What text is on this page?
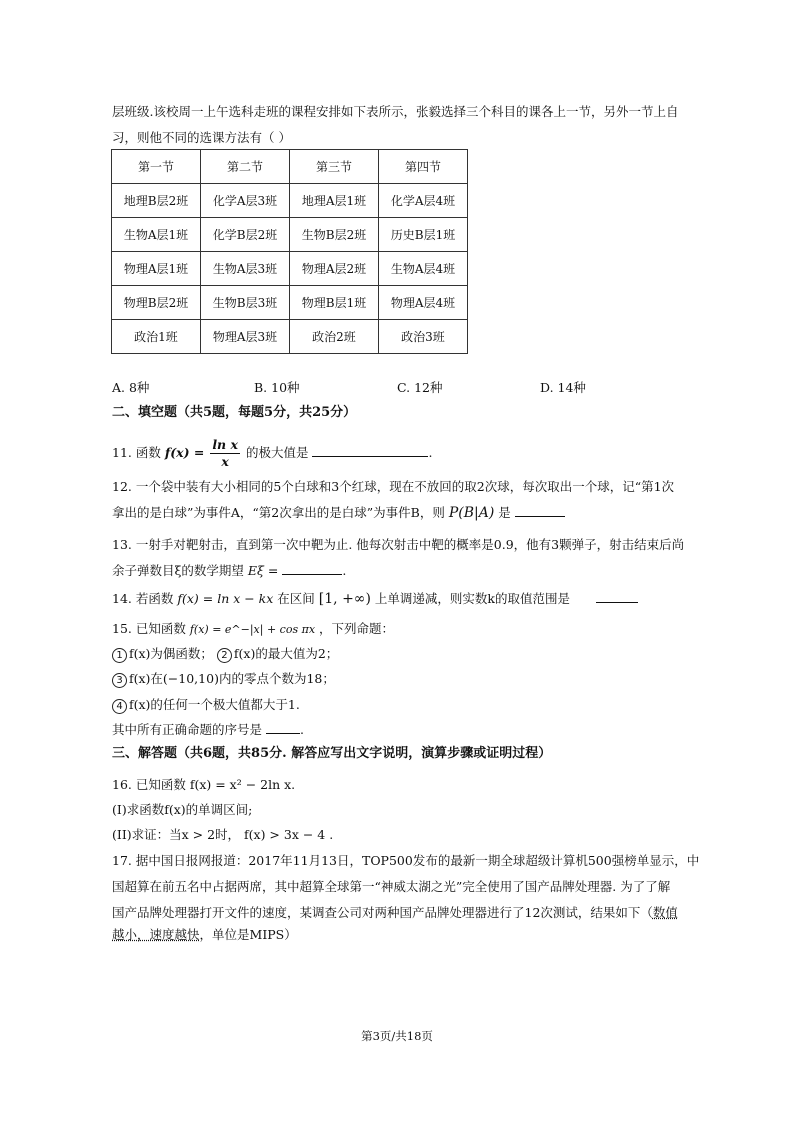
层班级.该校周一上午选科走班的课程安排如下表所示，张毅选择三个科目的课各上一节，另外一节上自
习，则他不同的选课方法有（ ）
第一节	第二节	第三节	第四节
地理B层2班	化学A层3班	地理A层1班	化学A层4班
生物A层1班	化学B层2班	生物B层2班	历史B层1班
物理A层1班	生物A层3班	物理A层2班	生物A层4班
物理B层2班	生物B层3班	物理B层1班	物理A层4班
政治1班	物理A层3班	政治2班	政治3班
A. 8种	B. 10种	C. 12种	D. 14种
二、填空题（共5题，每题5分，共25分）
11. 函数 $f(x) = \frac{\text{ln x}}{x}$ 的极大值是	.
12. 一个袋中装有大小相同的5个白球和3个红球，现在不放回的取2次球，每次取出一个球，记“第1次
拿出的是白球”为事件A，“第2次拿出的是白球”为事件B，则 P(B|A) 是
13. 一射手对靶射击，直到第一次中靶为止. 他每次射击中靶的概率是0.9，他有3颗弹子，射击结束后尚
余子弹数目ξ的数学期望 Eξ =	.
14. 若函数 f(x) = ln x − kx 在区间 [1, +∞) 上单调递减，则实数k的取值范围是
15. 已知函数 f(x) = e^−|x| + cos πx ，下列命题：
1 f(x)为偶函数； 2 f(x)的最大值为2；
3 f(x)在(−10,10)内的零点个数为18；
4 f(x)的任何一个极大值都大于1.
其中所有正确命题的序号是	.
三、解答题（共6题，共85分. 解答应写出文字说明，演算步骤或证明过程）
16. 已知函数 f(x) = x² − 2ln x.
(I)求函数f(x)的单调区间;
(II)求证：当x > 2时， f(x) > 3x − 4 .
17. 据中国日报网报道：2017年11月13日，TOP500发布的最新一期全球超级计算机500强榜单显示，中
国超算在前五名中占据两席，其中超算全球第一“神威太湖之光”完全使用了国产品牌处理器. 为了了解
国产品牌处理器打开文件的速度，某调查公司对两种国产品牌处理器进行了12次测试，结果如下（数值
越小，速度越快，单位是MIPS）
第3页/共18页
